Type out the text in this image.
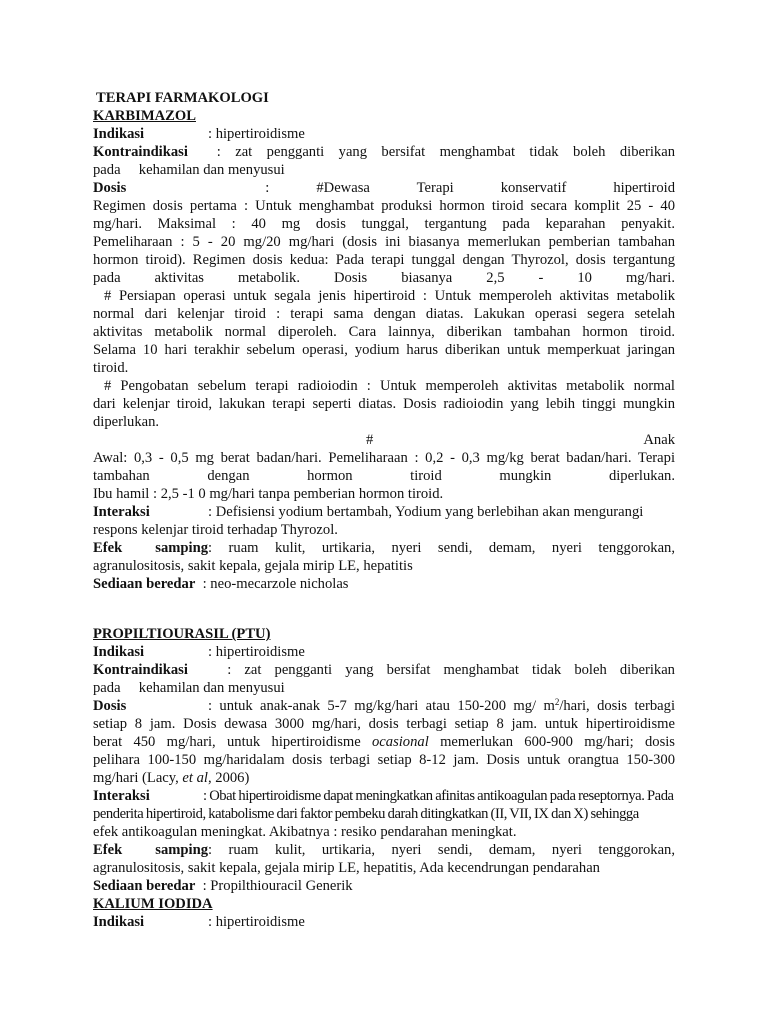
TERAPI FARMAKOLOGI
KARBIMAZOL
Indikasi	: hipertiroidisme
Kontraindikasi : zat pengganti yang bersifat menghambat tidak boleh diberikan
pada     kehamilan dan menyusui
Dosis	: #Dewasa Terapi konservatif hipertiroid
Regimen dosis pertama : Untuk menghambat produksi hormon tiroid secara komplit 25 - 40
mg/hari. Maksimal : 40 mg dosis tunggal, tergantung pada keparahan penyakit.
Pemeliharaan : 5 - 20 mg/20 mg/hari (dosis ini biasanya memerlukan pemberian tambahan
hormon tiroid). Regimen dosis kedua: Pada terapi tunggal dengan Thyrozol, dosis tergantung
pada aktivitas metabolik. Dosis biasanya 2,5 - 10 mg/hari.
# Persiapan operasi untuk segala jenis hipertiroid : Untuk memperoleh aktivitas metabolik
normal dari kelenjar tiroid : terapi sama dengan diatas. Lakukan operasi segera setelah
aktivitas metabolik normal diperoleh. Cara lainnya, diberikan tambahan hormon tiroid.
Selama 10 hari terakhir sebelum operasi, yodium harus diberikan untuk memperkuat jaringan
tiroid.
# Pengobatan sebelum terapi radioiodin : Untuk memperoleh aktivitas metabolik normal
dari kelenjar tiroid, lakukan terapi seperti diatas. Dosis radioiodin yang lebih tinggi mungkin
diperlukan.
# Anak
Awal: 0,3 - 0,5 mg berat badan/hari. Pemeliharaan : 0,2 - 0,3 mg/kg berat badan/hari. Terapi
tambahan dengan hormon tiroid mungkin diperlukan.
Ibu hamil : 2,5 -1 0 mg/hari tanpa pemberian hormon tiroid.
Interaksi	: Defisiensi yodium bertambah, Yodium yang berlebihan akan mengurangi
respons kelenjar tiroid terhadap Thyrozol.
Efek samping: ruam kulit, urtikaria, nyeri sendi, demam, nyeri tenggorokan,
agranulositosis, sakit kepala, gejala mirip LE, hepatitis
Sediaan beredar : neo-mecarzole nicholas
PROPILTIOURASIL (PTU)
Indikasi	: hipertiroidisme
Kontraindikasi	: zat pengganti yang bersifat menghambat tidak boleh diberikan
pada     kehamilan dan menyusui
Dosis	: untuk anak-anak 5-7 mg/kg/hari atau 150-200 mg/ $m^2$/hari, dosis terbagi
setiap 8 jam. Dosis dewasa 3000 mg/hari, dosis terbagi setiap 8 jam. untuk hipertiroidisme
berat 450 mg/hari, untuk hipertiroidisme ocasional memerlukan 600-900 mg/hari; dosis
pelihara 100-150 mg/haridalam dosis terbagi setiap 8-12 jam. Dosis untuk orangtua 150-300
mg/hari (Lacy, et al, 2006)
Interaksi	: Obat hipertiroidisme dapat meningkatkan afinitas antikoagulan pada reseptornya. Pada
penderita hipertiroid, katabolisme dari faktor pembeku darah ditingkatkan (II, VII, IX dan X) sehingga
efek antikoagulan meningkat. Akibatnya : resiko pendarahan meningkat.
Efek samping: ruam kulit, urtikaria, nyeri sendi, demam, nyeri tenggorokan,
agranulositosis, sakit kepala, gejala mirip LE, hepatitis, Ada kecendrungan pendarahan
Sediaan beredar : Propilthiouracil Generik
KALIUM IODIDA
Indikasi	: hipertiroidisme
